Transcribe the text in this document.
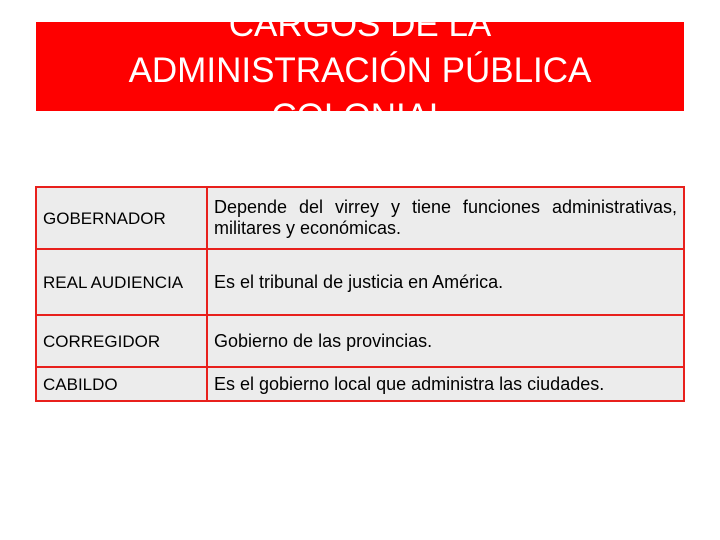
CARGOS DE LA
ADMINISTRACIÓN PÚBLICA
COLONIAL
GOBERNADOR	Depende del virrey y tiene funciones administrativas, militares y económicas.
REAL AUDIENCIA	Es el tribunal de justicia en América.
CORREGIDOR	Gobierno de las provincias.
CABILDO	Es el gobierno local que administra las ciudades.
